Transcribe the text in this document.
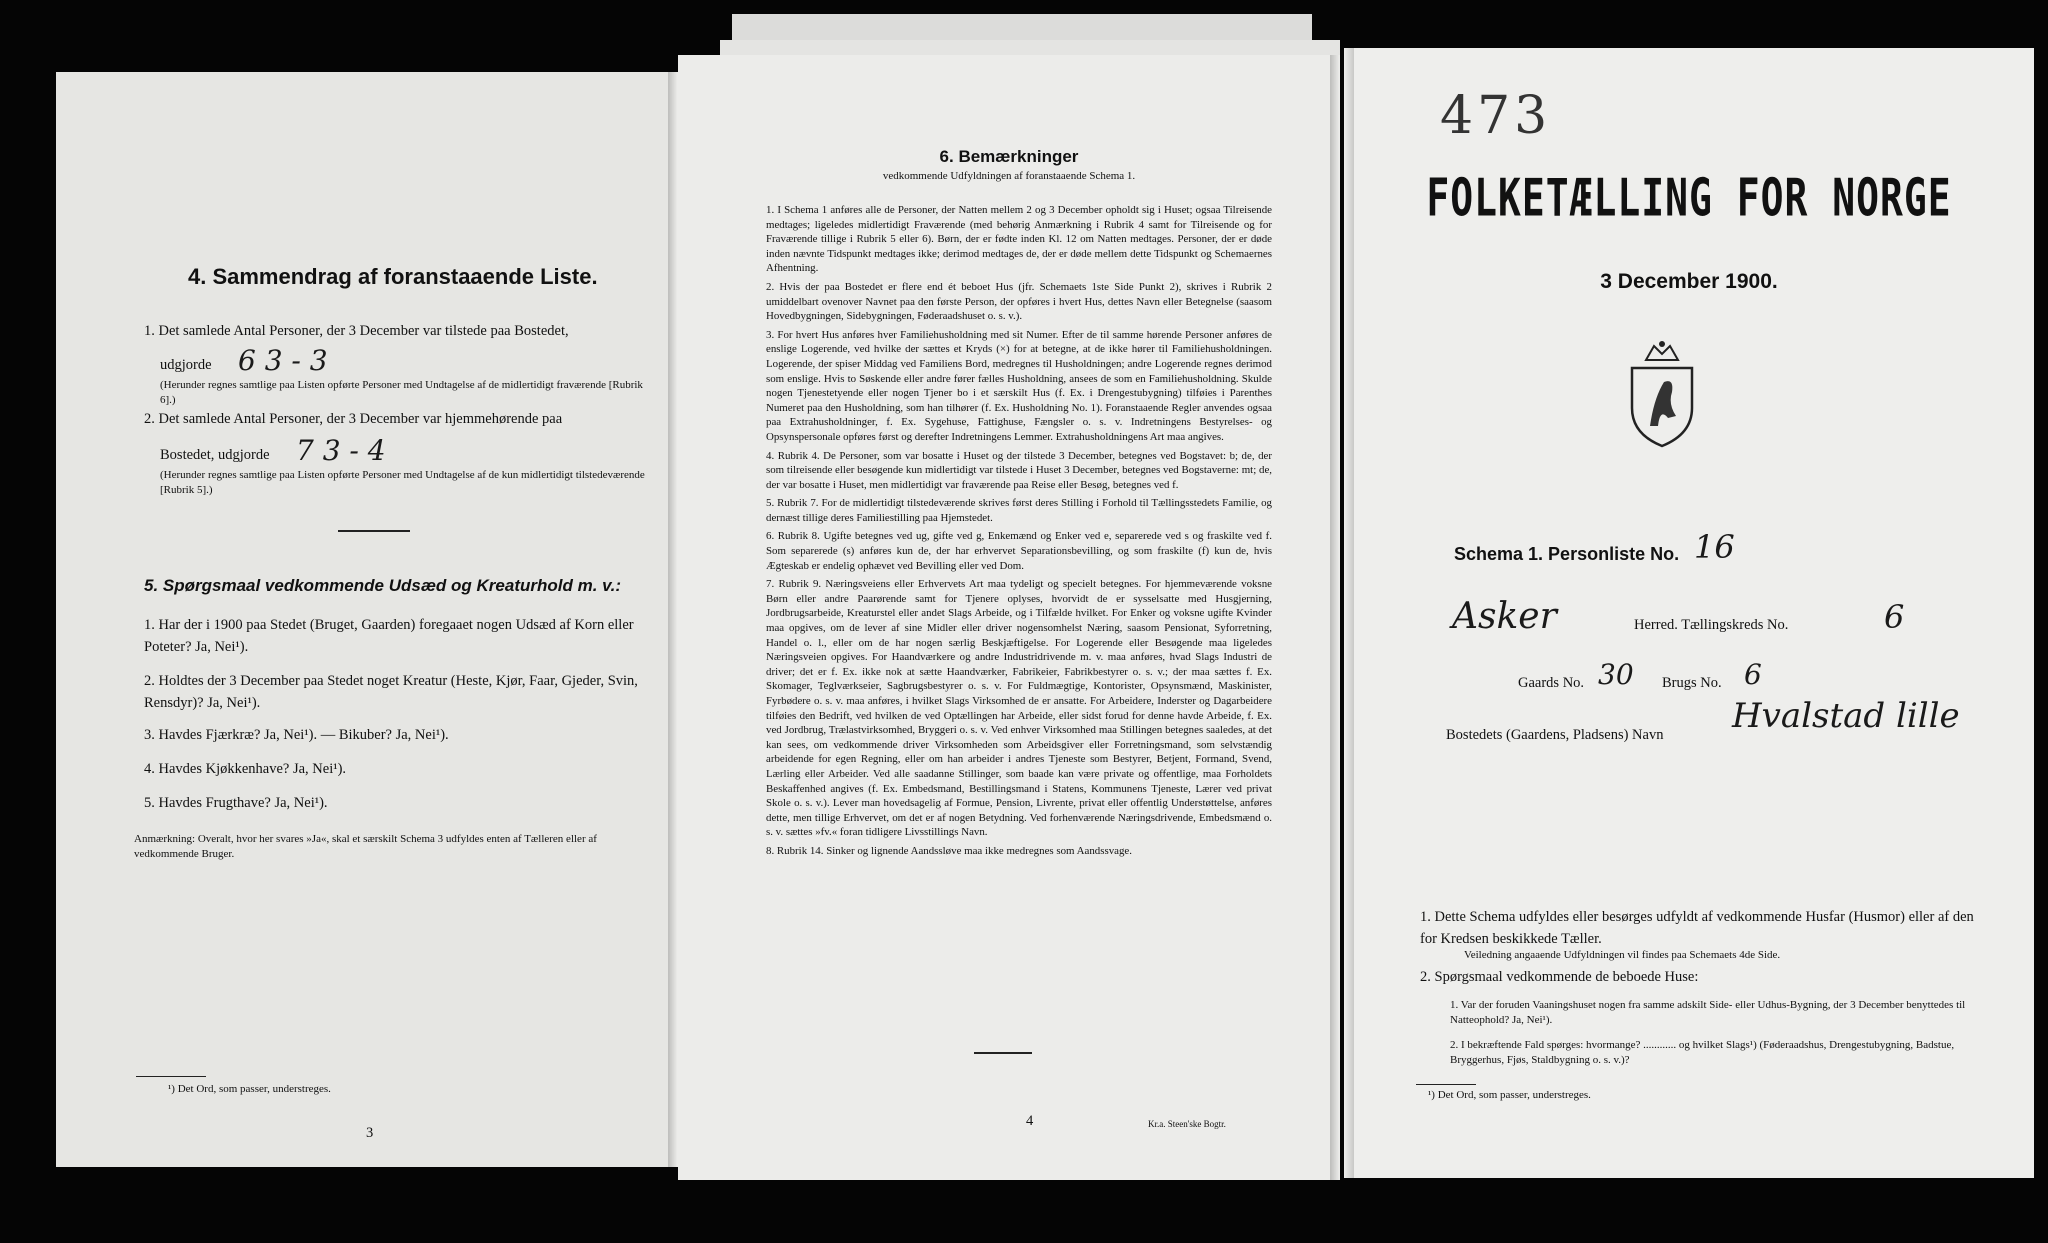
4. Sammendrag af foranstaaende Liste.

1. Det samlede Antal Personer, der 3 December var tilstede paa Bostedet,

udgjorde 6 3 - 3

(Herunder regnes samtlige paa Listen opførte Personer med Undtagelse af de midlertidigt fraværende [Rubrik 6].)

2. Det samlede Antal Personer, der 3 December var hjemmehørende paa

Bostedet, udgjorde 7 3 - 4

(Herunder regnes samtlige paa Listen opførte Personer med Undtagelse af de kun midlertidigt tilstedeværende [Rubrik 5].)

5. Spørgsmaal vedkommende Udsæd og Kreaturhold m. v.:

1. Har der i 1900 paa Stedet (Bruget, Gaarden) foregaaet nogen Udsæd af Korn eller Poteter? Ja, Nei¹).

2. Holdtes der 3 December paa Stedet noget Kreatur (Heste, Kjør, Faar, Gjeder, Svin, Rensdyr)? Ja, Nei¹).

3. Havdes Fjærkræ? Ja, Nei¹). — Bikuber? Ja, Nei¹).

4. Havdes Kjøkkenhave? Ja, Nei¹).

5. Havdes Frugthave? Ja, Nei¹).

Anmærkning: Overalt, hvor her svares »Ja«, skal et særskilt Schema 3 udfyldes enten af Tælleren eller af vedkommende Bruger.

¹) Det Ord, som passer, understreges.

3

6. Bemærkninger

vedkommende Udfyldningen af foranstaaende Schema 1.

1. I Schema 1 anføres alle de Personer, der Natten mellem 2 og 3 December opholdt sig i Huset; ogsaa Tilreisende medtages; ligeledes midlertidigt Fraværende (med behørig Anmærkning i Rubrik 4 samt for Tilreisende og for Fraværende tillige i Rubrik 5 eller 6). Børn, der er fødte inden Kl. 12 om Natten medtages. Personer, der er døde inden nævnte Tidspunkt medtages ikke; derimod medtages de, der er døde mellem dette Tidspunkt og Schemaernes Afhentning.

2. Hvis der paa Bostedet er flere end ét beboet Hus (jfr. Schemaets 1ste Side Punkt 2), skrives i Rubrik 2 umiddelbart ovenover Navnet paa den første Person, der opføres i hvert Hus, dettes Navn eller Betegnelse (saasom Hovedbygningen, Sidebygningen, Føderaadshuset o. s. v.).

3. For hvert Hus anføres hver Familiehusholdning med sit Numer. Efter de til samme hørende Personer anføres de enslige Logerende, ved hvilke der sættes et Kryds (×) for at betegne, at de ikke hører til Familiehusholdningen. Logerende, der spiser Middag ved Familiens Bord, medregnes til Husholdningen; andre Logerende regnes derimod som enslige. Hvis to Søskende eller andre fører fælles Husholdning, ansees de som en Familiehusholdning. Skulde nogen Tjenestetyende eller nogen Tjener bo i et særskilt Hus (f. Ex. i Drengestubygning) tilføies i Parenthes Numeret paa den Husholdning, som han tilhører (f. Ex. Husholdning No. 1). Foranstaaende Regler anvendes ogsaa paa Extrahusholdninger, f. Ex. Sygehuse, Fattighuse, Fængsler o. s. v. Indretningens Bestyrelses- og Opsynspersonale opføres først og derefter Indretningens Lemmer. Extrahusholdningens Art maa angives.

4. Rubrik 4. De Personer, som var bosatte i Huset og der tilstede 3 December, betegnes ved Bogstavet: b; de, der som tilreisende eller besøgende kun midlertidigt var tilstede i Huset 3 December, betegnes ved Bogstaverne: mt; de, der var bosatte i Huset, men midlertidigt var fraværende paa Reise eller Besøg, betegnes ved f.

5. Rubrik 7. For de midlertidigt tilstedeværende skrives først deres Stilling i Forhold til Tællingsstedets Familie, og dernæst tillige deres Familiestilling paa Hjemstedet.

6. Rubrik 8. Ugifte betegnes ved ug, gifte ved g, Enkemænd og Enker ved e, separerede ved s og fraskilte ved f. Som separerede (s) anføres kun de, der har erhvervet Separationsbevilling, og som fraskilte (f) kun de, hvis Ægteskab er endelig ophævet ved Bevilling eller ved Dom.

7. Rubrik 9. Næringsveiens eller Erhvervets Art maa tydeligt og specielt betegnes. For hjemmeværende voksne Børn eller andre Paarørende samt for Tjenere oplyses, hvorvidt de er sysselsatte med Husgjerning, Jordbrugsarbeide, Kreaturstel eller andet Slags Arbeide, og i Tilfælde hvilket. For Enker og voksne ugifte Kvinder maa opgives, om de lever af sine Midler eller driver nogensomhelst Næring, saasom Pensionat, Syforretning, Handel o. l., eller om de har nogen særlig Beskjæftigelse. For Logerende eller Besøgende maa ligeledes Næringsveien opgives. For Haandværkere og andre Industridrivende m. v. maa anføres, hvad Slags Industri de driver; det er f. Ex. ikke nok at sætte Haandværker, Fabrikeier, Fabrikbestyrer o. s. v.; der maa sættes f. Ex. Skomager, Teglværkseier, Sagbrugsbestyrer o. s. v. For Fuldmægtige, Kontorister, Opsynsmænd, Maskinister, Fyrbødere o. s. v. maa anføres, i hvilket Slags Virksomhed de er ansatte. For Arbeidere, Inderster og Dagarbeidere tilføies den Bedrift, ved hvilken de ved Optællingen har Arbeide, eller sidst forud for denne havde Arbeide, f. Ex. ved Jordbrug, Trælastvirksomhed, Bryggeri o. s. v. Ved enhver Virksomhed maa Stillingen betegnes saaledes, at det kan sees, om vedkommende driver Virksomheden som Arbeidsgiver eller Forretningsmand, som selvstændig arbeidende for egen Regning, eller om han arbeider i andres Tjeneste som Bestyrer, Betjent, Formand, Svend, Lærling eller Arbeider. Ved alle saadanne Stillinger, som baade kan være private og offentlige, maa Forholdets Beskaffenhed angives (f. Ex. Embedsmand, Bestillingsmand i Statens, Kommunens Tjeneste, Lærer ved privat Skole o. s. v.). Lever man hovedsagelig af Formue, Pension, Livrente, privat eller offentlig Understøttelse, anføres dette, men tillige Erhvervet, om det er af nogen Betydning. Ved forhenværende Næringsdrivende, Embedsmænd o. s. v. sættes »fv.« foran tidligere Livsstillings Navn.

8. Rubrik 14. Sinker og lignende Aandssløve maa ikke medregnes som Aandssvage.

4	Kr.a. Steen'ske Bogtr.

473

FOLKETÆLLING FOR NORGE

3 December 1900.

Schema 1. Personliste No. 16

Asker	Herred. Tællingskreds No.	6

Gaards No. 30 Brugs No. 6

Bostedets (Gaardens, Pladsens) Navn Hvalstad lille

1. Dette Schema udfyldes eller besørges udfyldt af vedkommende Husfar (Husmor) eller af den for Kredsen beskikkede Tæller.

Veiledning angaaende Udfyldningen vil findes paa Schemaets 4de Side.

2. Spørgsmaal vedkommende de beboede Huse:

1. Var der foruden Vaaningshuset nogen fra samme adskilt Side- eller Udhus-Bygning, der 3 December benyttedes til Natteophold? Ja, Nei¹).

2. I bekræftende Fald spørges: hvormange? ............ og hvilket Slags¹) (Føderaadshus, Drengestubygning, Badstue, Bryggerhus, Fjøs, Staldbygning o. s. v.)?

¹) Det Ord, som passer, understreges.
